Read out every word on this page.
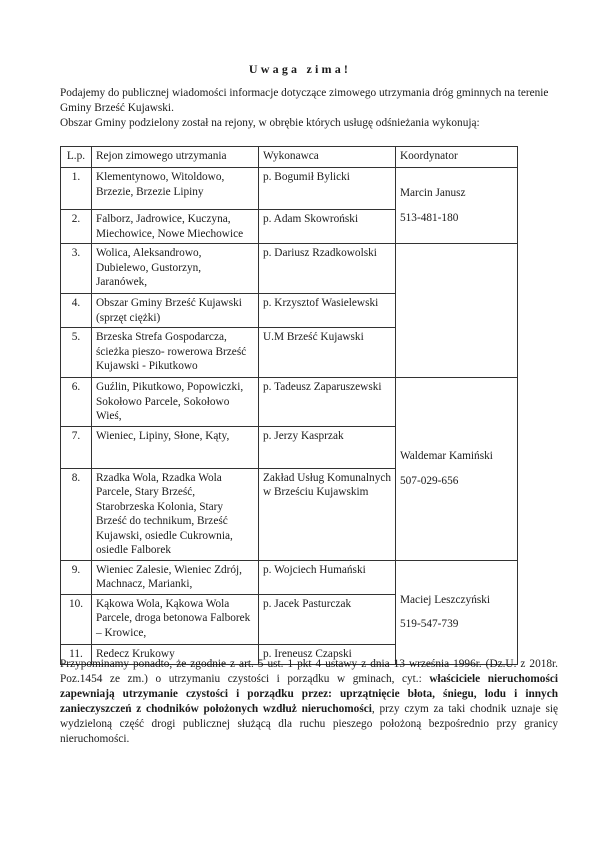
Uwaga zima!

Podajemy do publicznej wiadomości informacje dotyczące zimowego utrzymania dróg gminnych na terenie Gminy Brześć Kujawski.

Obszar Gminy podzielony został na rejony, w obrębie których usługę odśnieżania wykonują:

L.p.	Rejon zimowego utrzymania	Wykonawca	Koordynator
1.	Klementynowo, Witoldowo, Brzezie, Brzezie Lipiny	p. Bogumił Bylicki	Marcin Janusz
513-481-180

2.	Falborz, Jadrowice, Kuczyna, Miechowice, Nowe Miechowice	p. Adam Skowroński	
3.	Wolica, Aleksandrowo, Dubielewo, Gustorzyn, Jaranówek,	p. Dariusz Rzadkowolski	
4.	Obszar Gminy Brześć Kujawski (sprzęt ciężki)	p. Krzysztof Wasielewski	
5.	Brzeska Strefa Gospodarcza, ścieżka pieszo- rowerowa Brześć Kujawski - Pikutkowo	U.M Brześć Kujawski	
6.	Guźlin, Pikutkowo, Popowiczki, Sokołowo Parcele, Sokołowo Wieś,	p. Tadeusz Zaparuszewski	Waldemar Kamiński
507-029-656

7.	Wieniec, Lipiny, Słone, Kąty,	p. Jerzy Kasprzak	
8.	Rzadka Wola, Rzadka Wola Parcele, Stary Brześć, Starobrzeska Kolonia, Stary Brześć do technikum, Brześć Kujawski, osiedle Cukrownia, osiedle Falborek	Zakład Usług Komunalnych w Brześciu Kujawskim	
9.	Wieniec Zalesie, Wieniec Zdrój, Machnacz, Marianki,	p. Wojciech Humański	Maciej Leszczyński
519-547-739

10.	Kąkowa Wola, Kąkowa Wola Parcele, droga betonowa Falborek – Krowice,	p. Jacek Pasturczak	
11.	Redecz Krukowy	p. Ireneusz Czapski	
Przypominamy ponadto, że zgodnie z art. 5 ust. 1 pkt 4 ustawy z dnia 13 września 1996r. (Dz.U. z 2018r. Poz.1454 ze zm.) o utrzymaniu czystości i porządku w gminach, cyt.: właściciele nieruchomości zapewniają utrzymanie czystości i porządku przez: uprzątnięcie błota, śniegu, lodu i innych zanieczyszczeń z chodników położonych wzdłuż nieruchomości, przy czym za taki chodnik uznaje się wydzieloną część drogi publicznej służącą dla ruchu pieszego położoną bezpośrednio przy granicy nieruchomości.
